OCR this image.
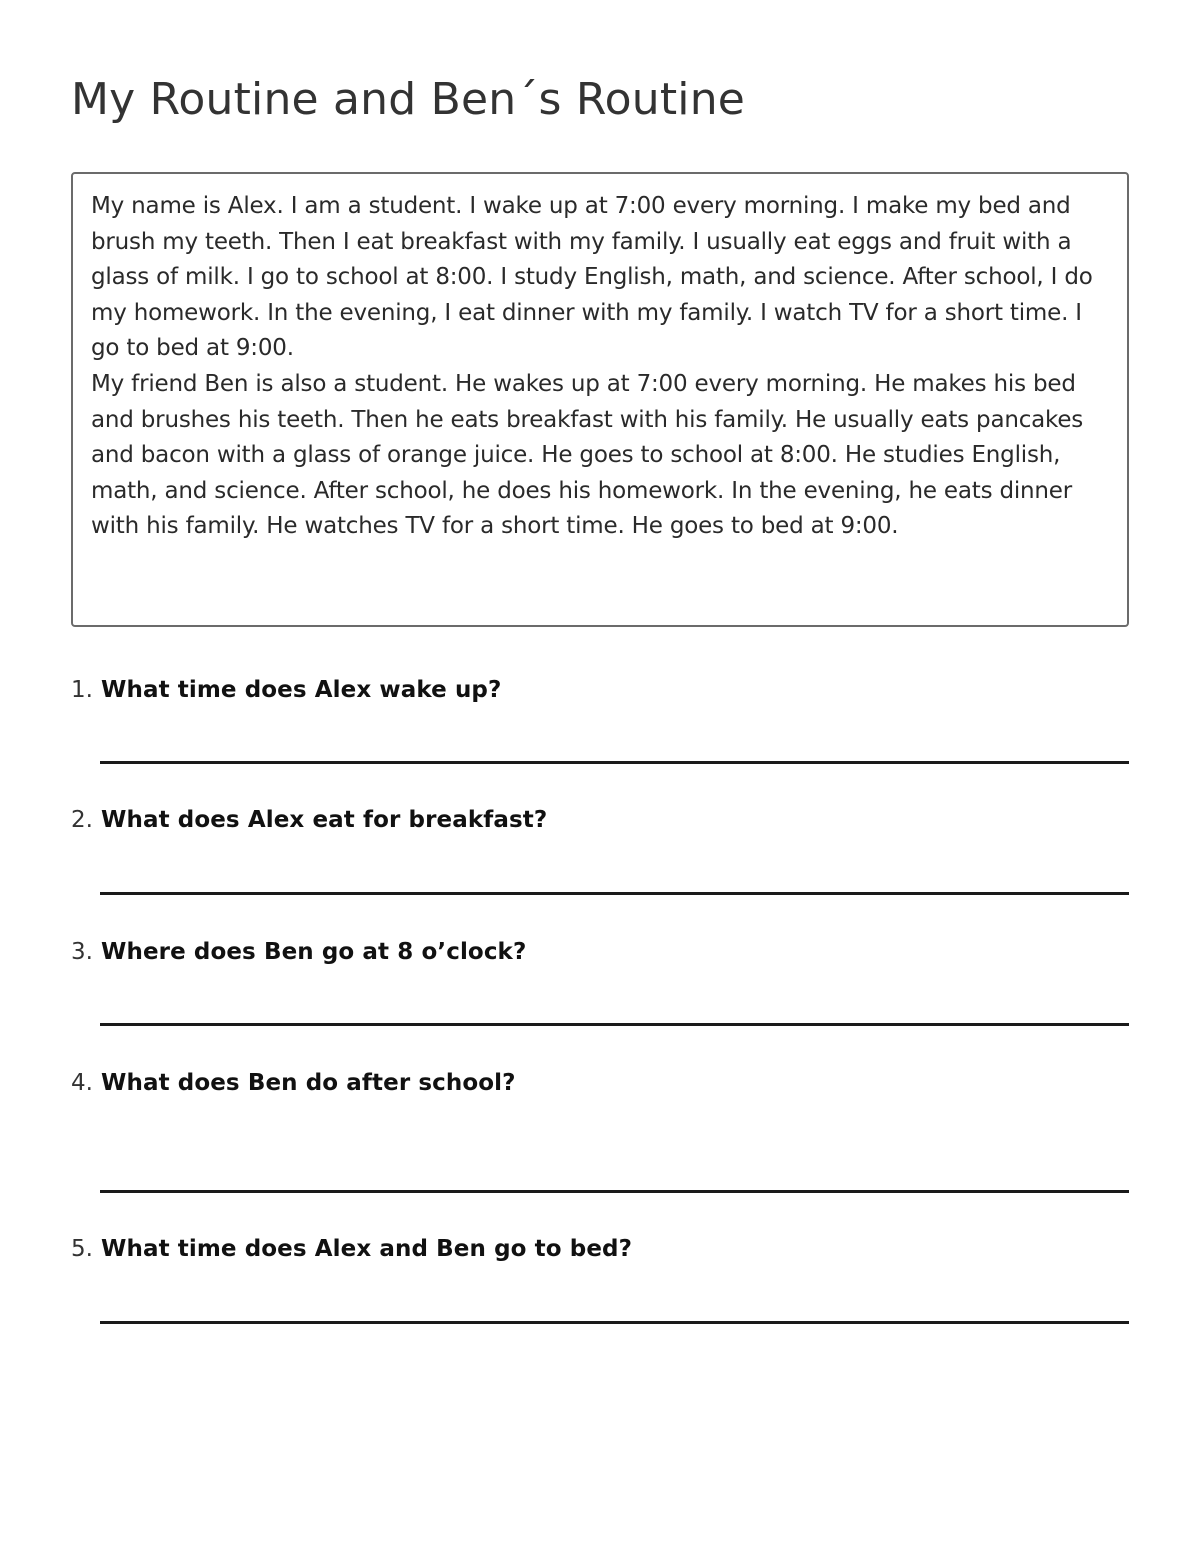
My Routine and Ben´s Routine

My name is Alex. I am a student. I wake up at 7:00 every morning. I make my bed and brush my teeth. Then I eat breakfast with my family. I usually eat eggs and fruit with a glass of milk. I go to school at 8:00. I study English, math, and science. After school, I do my homework. In the evening, I eat dinner with my family. I watch TV for a short time. I go to bed at 9:00.

My friend Ben is also a student. He wakes up at 7:00 every morning. He makes his bed and brushes his teeth. Then he eats breakfast with his family. He usually eats pancakes and bacon with a glass of orange juice. He goes to school at 8:00. He studies English, math, and science. After school, he does his homework. In the evening, he eats dinner with his family. He watches TV for a short time. He goes to bed at 9:00.

1. What time does Alex wake up?
2. What does Alex eat for breakfast?
3. Where does Ben go at 8 o’clock?
4. What does Ben do after school?
5. What time does Alex and Ben go to bed?
